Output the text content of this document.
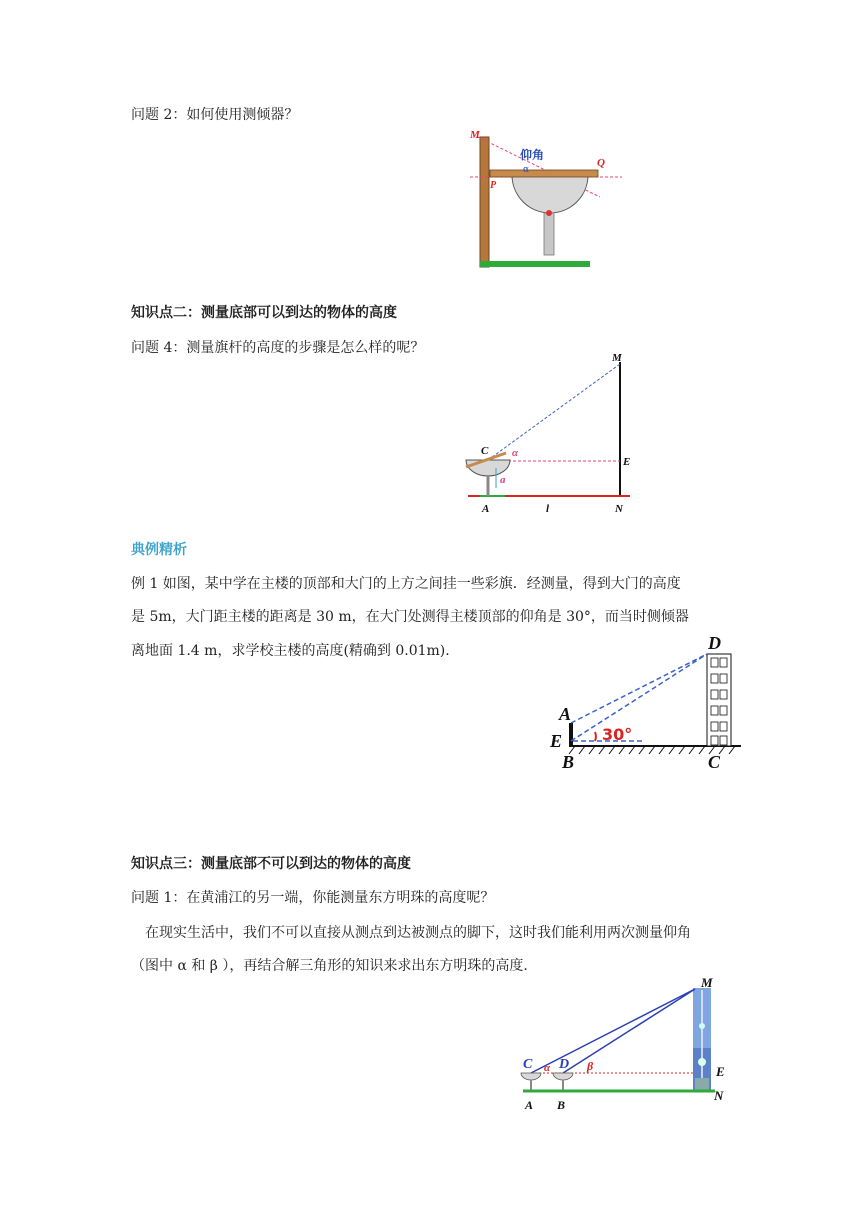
问题 2：如何使用测倾器？
M
仰角
α
Q
P
知识点二：测量底部可以到达的物体的高度
问题 4：测量旗杆的高度的步骤是怎么样的呢？
M
C α
E
a
A	l	N
典例精析
例 1 如图，某中学在主楼的顶部和大门的上方之间挂一些彩旗．经测量，得到大门的高度
是 5m，大门距主楼的距离是 30 m，在大门处测得主楼顶部的仰角是 30°，而当时侧倾器
离地面 1.4 m，求学校主楼的高度(精确到 0.01m).	D
A
30°
E
B	C
知识点三：测量底部不可以到达的物体的高度
问题 1：在黄浦江的另一端，你能测量东方明珠的高度呢？
在现实生活中，我们不可以直接从测点到达被测点的脚下，这时我们能利用两次测量仰角
（图中 α 和 β ），再结合解三角形的知识来求出东方明珠的高度.
M
C α D β	E
A B
N
